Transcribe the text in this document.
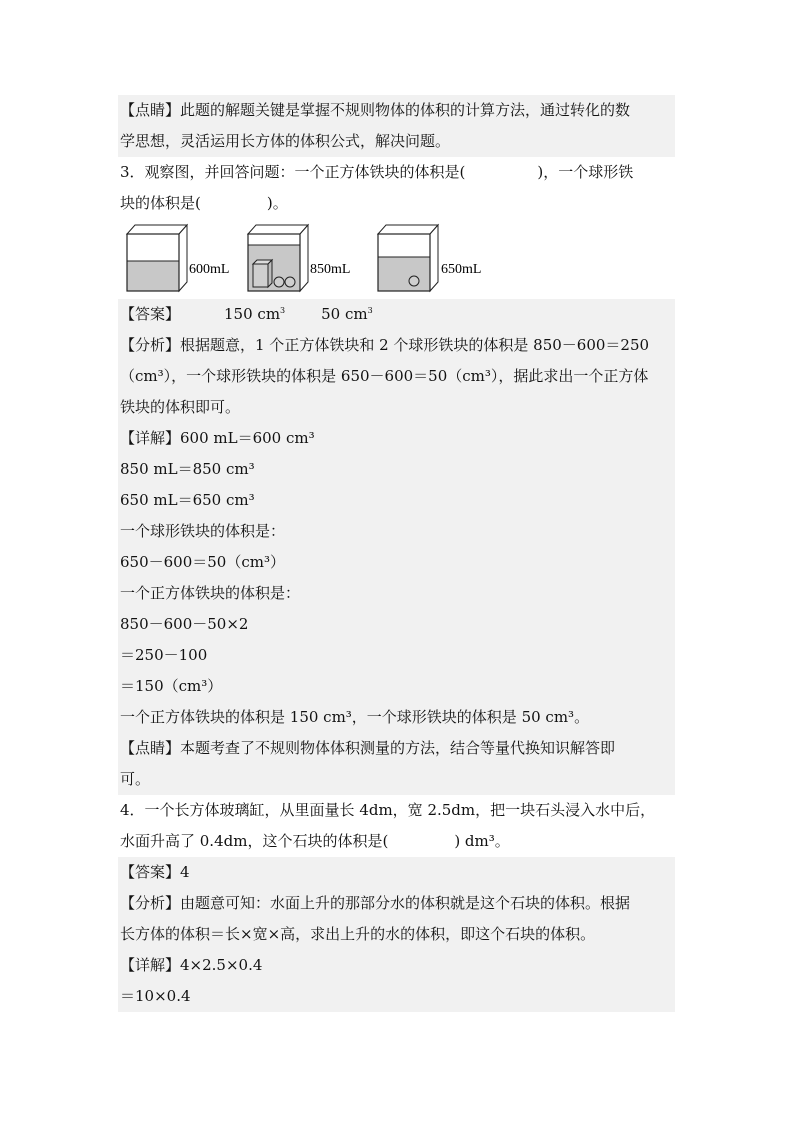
【点睛】此题的解题关键是掌握不规则物体的体积的计算方法，通过转化的数
学思想，灵活运用长方体的体积公式，解决问题。
3．观察图，并回答问题：一个正方体铁块的体积是(	)，一个球形铁
块的体积是(	)。
600mL	850mL	650mL
【答案】	150 $cm^3$ 50 $cm^3$
【分析】根据题意，1 个正方体铁块和 2 个球形铁块的体积是 850－600＝250
（cm³），一个球形铁块的体积是 650－600＝50（cm³），据此求出一个正方体
铁块的体积即可。
【详解】600 mL＝600 cm³
850 mL＝850 cm³
650 mL＝650 cm³
一个球形铁块的体积是：
650－600＝50（cm³）
一个正方体铁块的体积是：
850－600－50×2
＝250－100
＝150（cm³）
一个正方体铁块的体积是 150 cm³，一个球形铁块的体积是 50 cm³。
【点睛】本题考查了不规则物体体积测量的方法，结合等量代换知识解答即
可。
4．一个长方体玻璃缸，从里面量长 4dm，宽 2.5dm，把一块石头浸入水中后，
水面升高了 0.4dm，这个石块的体积是(	) dm³。
【答案】4
【分析】由题意可知：水面上升的那部分水的体积就是这个石块的体积。根据
长方体的体积＝长×宽×高，求出上升的水的体积，即这个石块的体积。
【详解】4×2.5×0.4
＝10×0.4
